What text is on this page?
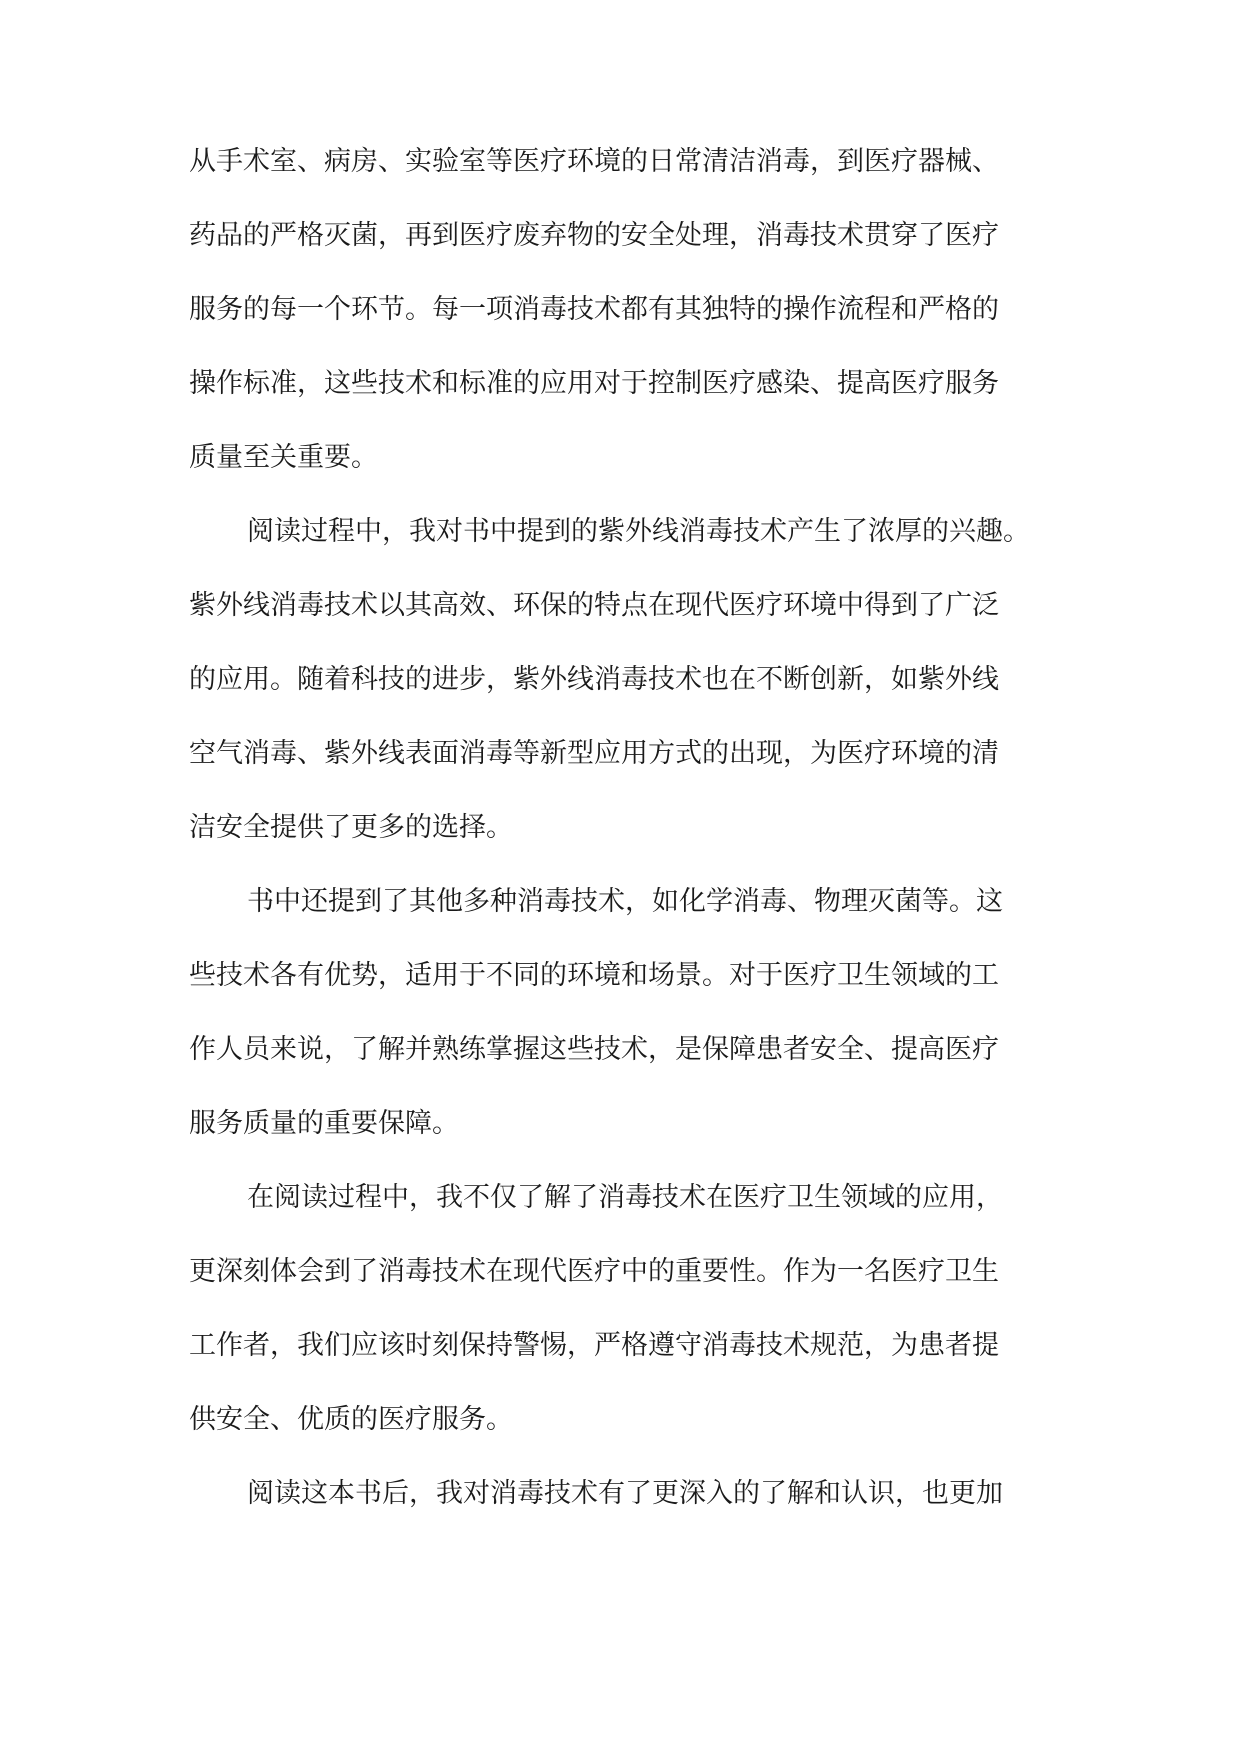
从手术室、病房、实验室等医疗环境的日常清洁消毒，到医疗器械、
药品的严格灭菌，再到医疗废弃物的安全处理，消毒技术贯穿了医疗
服务的每一个环节。每一项消毒技术都有其独特的操作流程和严格的
操作标准，这些技术和标准的应用对于控制医疗感染、提高医疗服务
质量至关重要。
阅读过程中，我对书中提到的紫外线消毒技术产生了浓厚的兴趣。
紫外线消毒技术以其高效、环保的特点在现代医疗环境中得到了广泛
的应用。随着科技的进步，紫外线消毒技术也在不断创新，如紫外线
空气消毒、紫外线表面消毒等新型应用方式的出现，为医疗环境的清
洁安全提供了更多的选择。
书中还提到了其他多种消毒技术，如化学消毒、物理灭菌等。这
些技术各有优势，适用于不同的环境和场景。对于医疗卫生领域的工
作人员来说，了解并熟练掌握这些技术，是保障患者安全、提高医疗
服务质量的重要保障。
在阅读过程中，我不仅了解了消毒技术在医疗卫生领域的应用，
更深刻体会到了消毒技术在现代医疗中的重要性。作为一名医疗卫生
工作者，我们应该时刻保持警惕，严格遵守消毒技术规范，为患者提
供安全、优质的医疗服务。
阅读这本书后，我对消毒技术有了更深入的了解和认识，也更加
